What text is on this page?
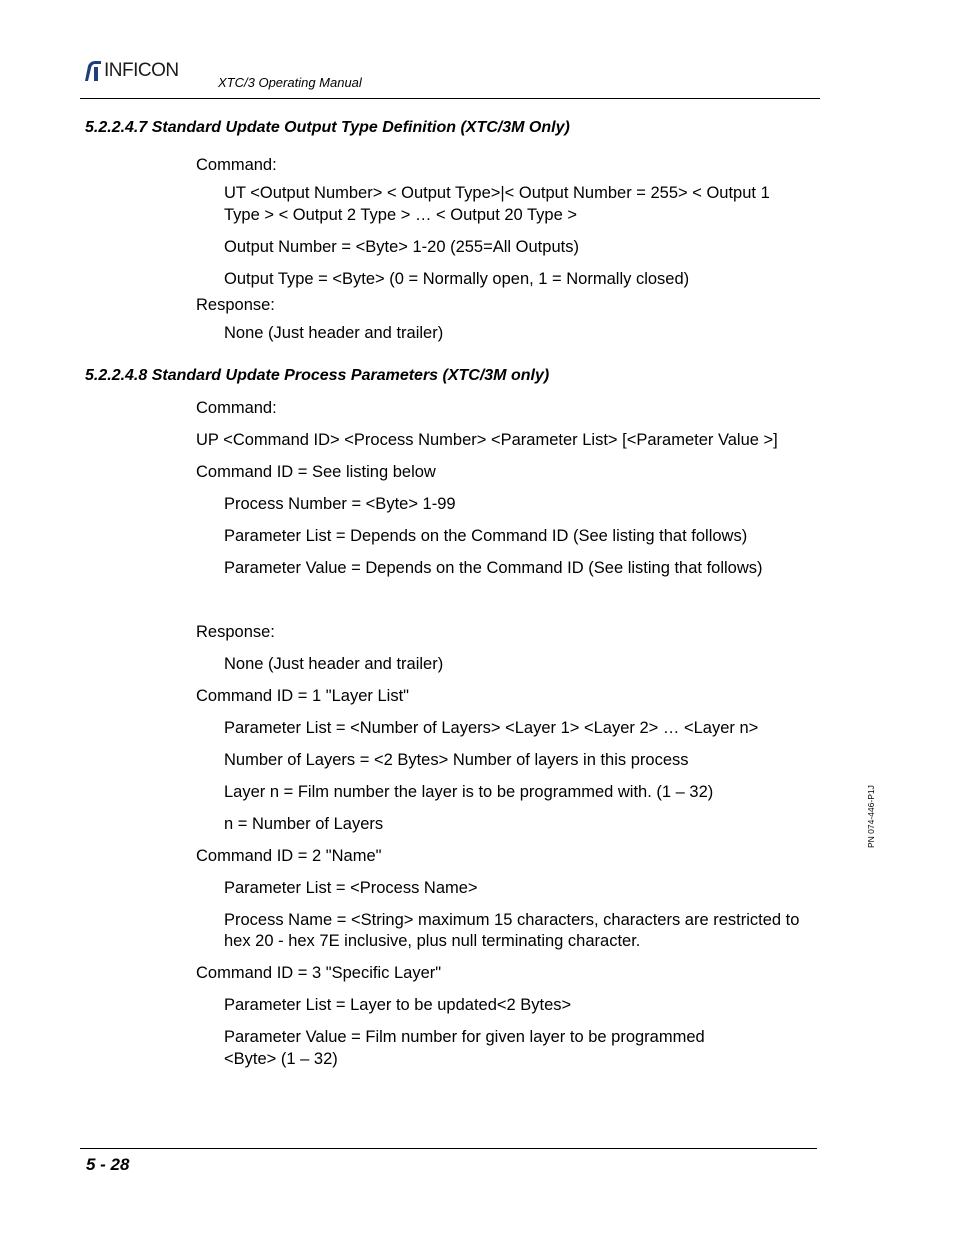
INFICON
XTC/3 Operating Manual
5.2.2.4.7 Standard Update Output Type Definition (XTC/3M Only)
Command:
UT <Output Number> < Output Type>|< Output Number = 255> < Output 1
Type > < Output 2 Type > … < Output 20 Type >
Output Number = <Byte> 1-20 (255=All Outputs)
Output Type = <Byte> (0 = Normally open, 1 = Normally closed)
Response:
None (Just header and trailer)
5.2.2.4.8 Standard Update Process Parameters (XTC/3M only)
Command:
UP <Command ID> <Process Number> <Parameter List> [<Parameter Value >]
Command ID = See listing below
Process Number = <Byte> 1-99
Parameter List = Depends on the Command ID (See listing that follows)
Parameter Value = Depends on the Command ID (See listing that follows)
Response:
None (Just header and trailer)
Command ID = 1 "Layer List"
Parameter List = <Number of Layers> <Layer 1> <Layer 2> … <Layer n>
Number of Layers = <2 Bytes> Number of layers in this process
Layer n = Film number the layer is to be programmed with. (1 – 32)
n = Number of Layers
Command ID = 2 "Name"
Parameter List = <Process Name>
Process Name = <String> maximum 15 characters, characters are restricted to
hex 20 - hex 7E inclusive, plus null terminating character.
Command ID = 3 "Specific Layer"
Parameter List = Layer to be updated<2 Bytes>
Parameter Value = Film number for given layer to be programmed
<Byte> (1 – 32)
PN 074-446-P1J
5 - 28
